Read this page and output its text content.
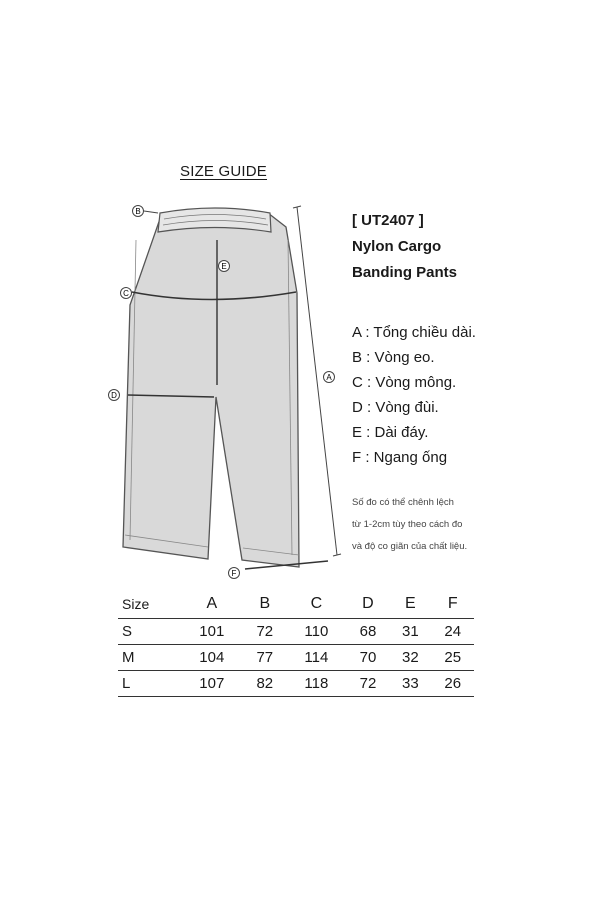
SIZE GUIDE
B
C
E
D
A
F
[ UT2407 ]
Nylon Cargo
Banding Pants
A : Tổng chiều dài.
B : Vòng eo.
C : Vòng mông.
D : Vòng đùi.
E : Dài đáy.
F : Ngang ống
Số đo có thể chênh lệch
từ 1-2cm tùy theo cách đo
và độ co giãn của chất liệu.
Size	A	B	C	D	E	F
S	101	72	110	68	31	24
M	104	77	114	70	32	25
L	107	82	118	72	33	26
